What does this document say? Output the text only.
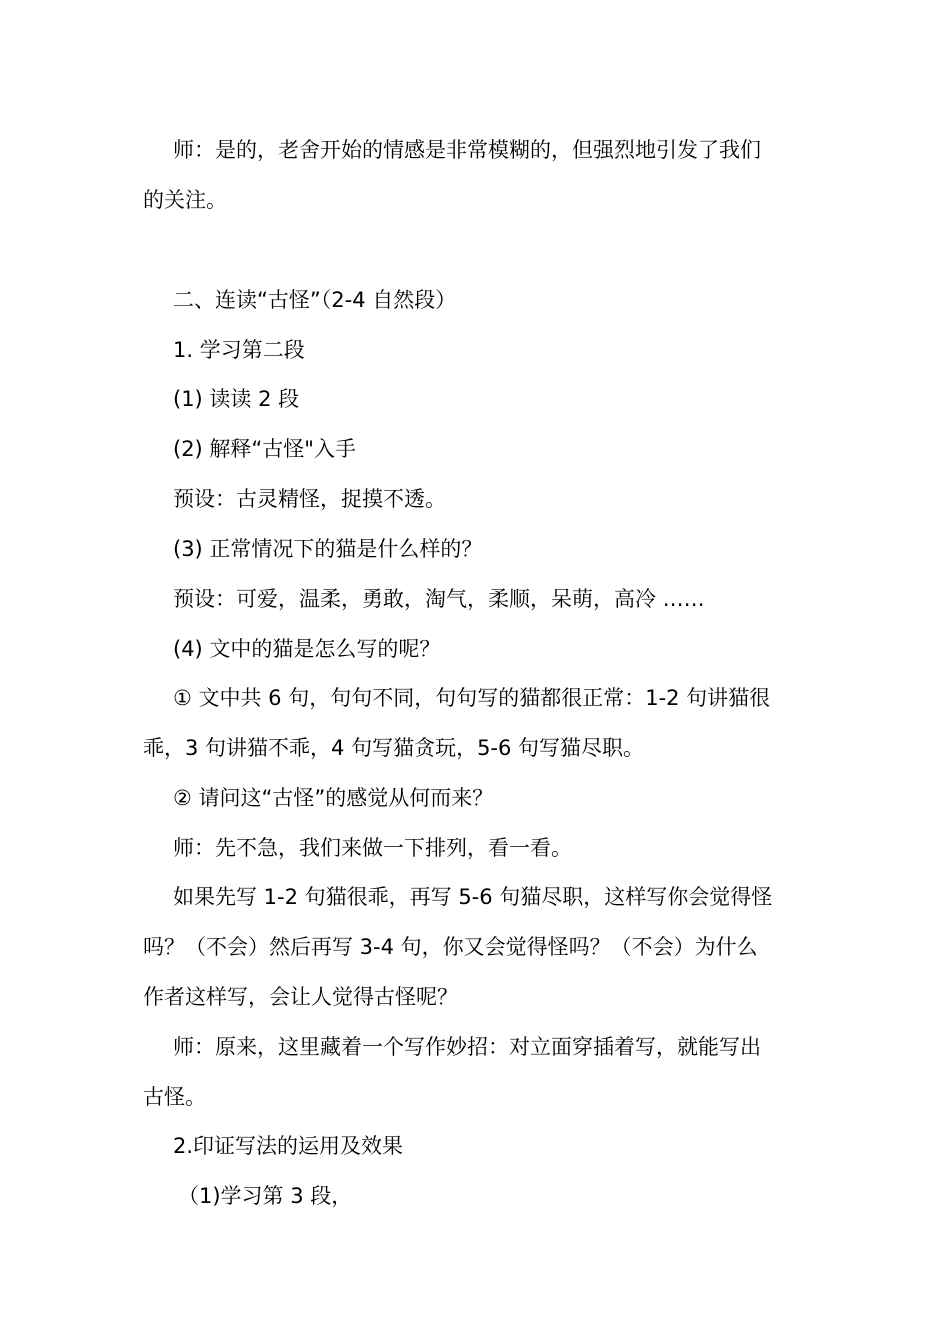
师：是的，老舍开始的情感是非常模糊的，但强烈地引发了我们
的关注。
二、连读“古怪”（2-4 自然段）
1. 学习第二段
(1) 读读 2 段
(2) 解释“古怪"入手
预设：古灵精怪，捉摸不透。
(3) 正常情况下的猫是什么样的？
预设：可爱，温柔，勇敢，淘气，柔顺，呆萌，高冷 ……
(4) 文中的猫是怎么写的呢？
① 文中共 6 句，句句不同，句句写的猫都很正常：1-2 句讲猫很
乖，3 句讲猫不乖，4 句写猫贪玩，5-6 句写猫尽职。
② 请问这“古怪”的感觉从何而来？
师：先不急，我们来做一下排列，看一看。
如果先写 1-2 句猫很乖，再写 5-6 句猫尽职，这样写你会觉得怪
吗？（不会）然后再写 3-4 句，你又会觉得怪吗？（不会）为什么
作者这样写，会让人觉得古怪呢？
师：原来，这里藏着一个写作妙招：对立面穿插着写，就能写出
古怪。
2.印证写法的运用及效果
（1)学习第 3 段，
